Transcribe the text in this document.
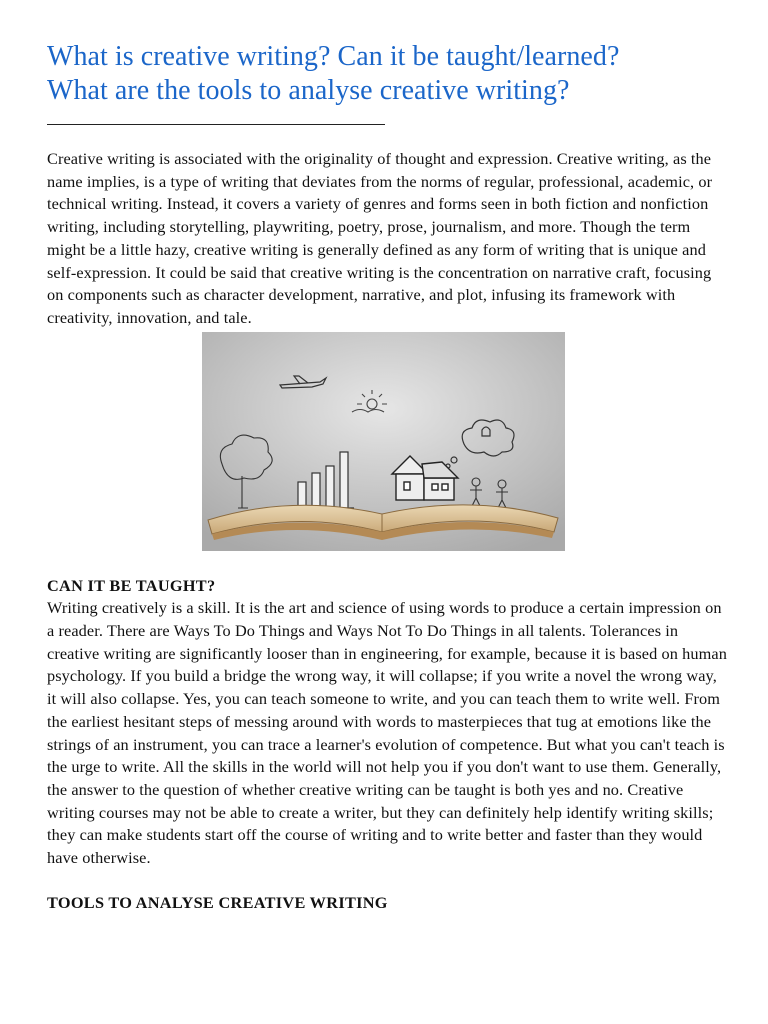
What is creative writing? Can it be taught/learned?
What are the tools to analyse creative writing?

Creative writing is associated with the originality of thought and expression. Creative writing, as the name implies, is a type of writing that deviates from the norms of regular, professional, academic, or technical writing. Instead, it covers a variety of genres and forms seen in both fiction and nonfiction writing, including storytelling, playwriting, poetry, prose, journalism, and more. Though the term might be a little hazy, creative writing is generally defined as any form of writing that is unique and self-expression. It could be said that creative writing is the concentration on narrative craft, focusing on components such as character development, narrative, and plot, infusing its framework with creativity, innovation, and tale.

CAN IT BE TAUGHT?

Writing creatively is a skill. It is the art and science of using words to produce a certain impression on a reader. There are Ways To Do Things and Ways Not To Do Things in all talents. Tolerances in creative writing are significantly looser than in engineering, for example, because it is based on human psychology. If you build a bridge the wrong way, it will collapse; if you write a novel the wrong way, it will also collapse. Yes, you can teach someone to write, and you can teach them to write well. From the earliest hesitant steps of messing around with words to masterpieces that tug at emotions like the strings of an instrument, you can trace a learner's evolution of competence. But what you can't teach is the urge to write. All the skills in the world will not help you if you don't want to use them. Generally, the answer to the question of whether creative writing can be taught is both yes and no. Creative writing courses may not be able to create a writer, but they can definitely help identify writing skills; they can make students start off the course of writing and to write better and faster than they would have otherwise.

TOOLS TO ANALYSE CREATIVE WRITING
